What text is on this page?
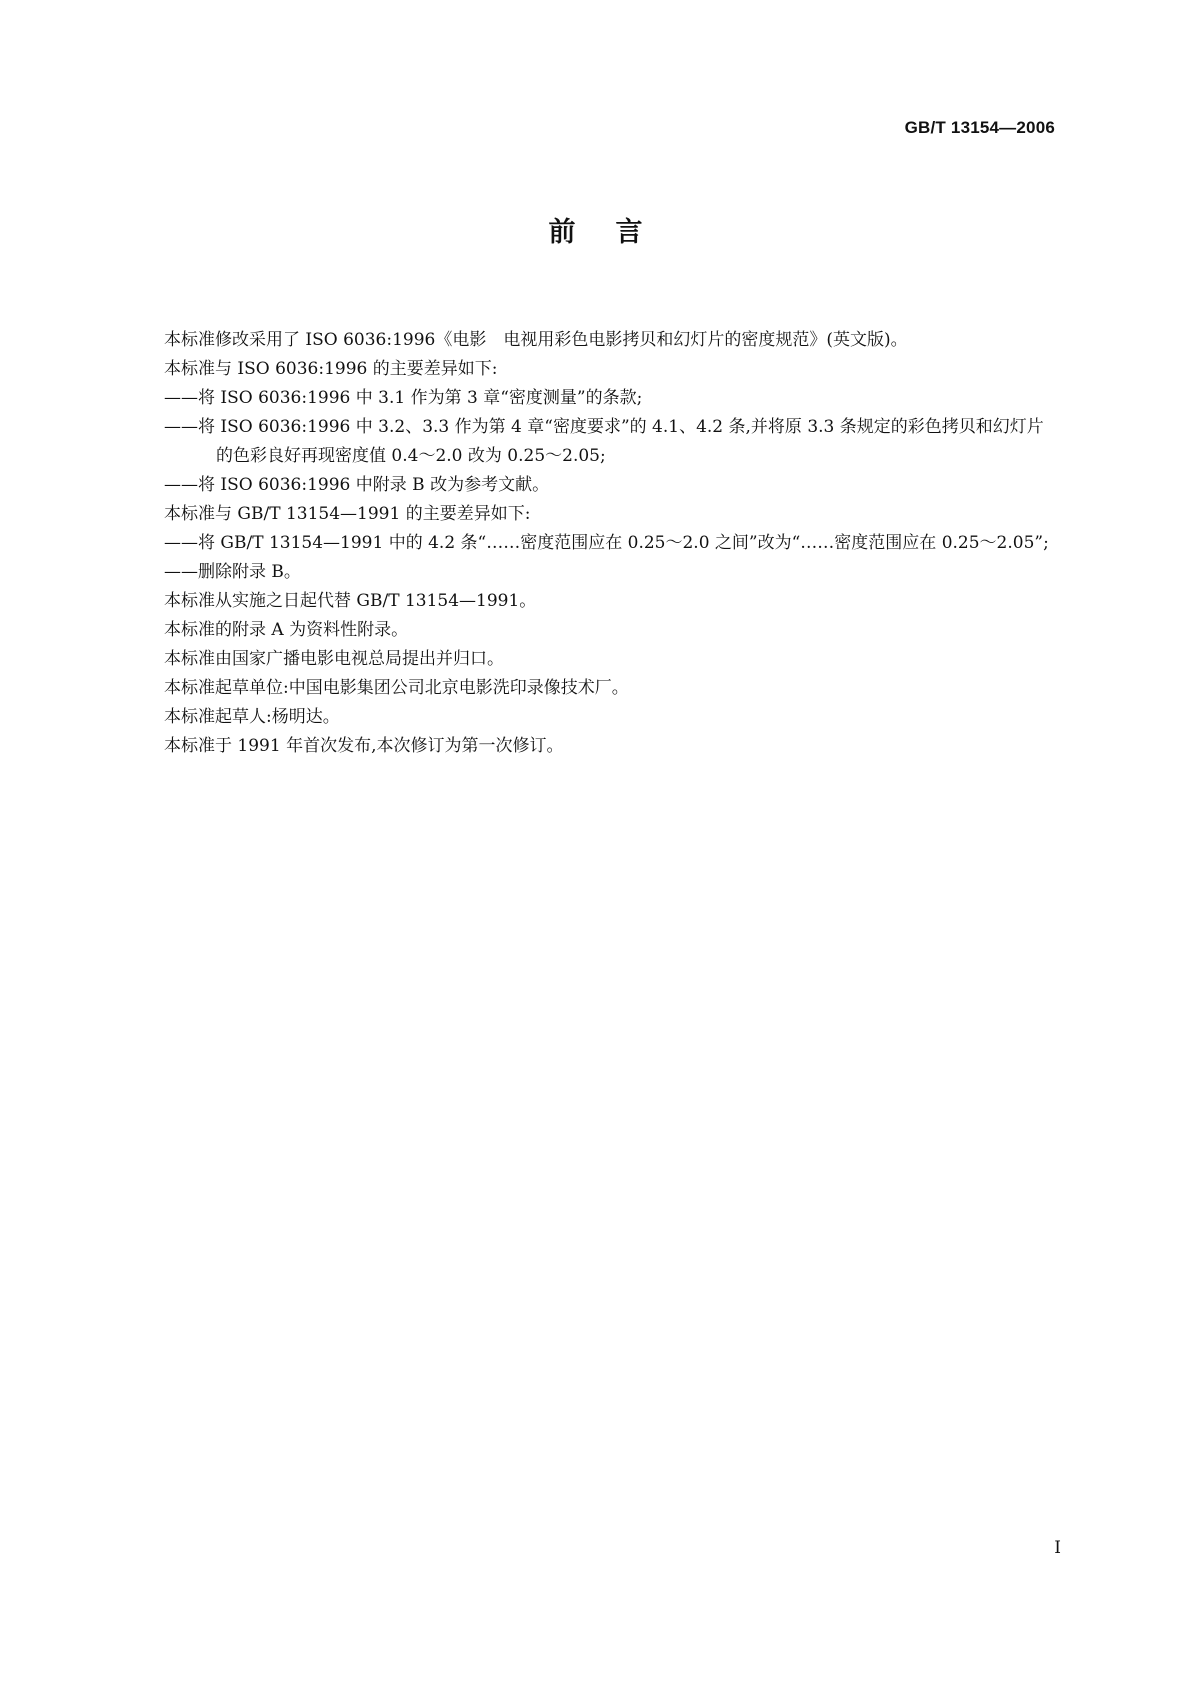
GB/T 13154—2006
前言

本标准修改采用了 ISO 6036:1996《电影　电视用彩色电影拷贝和幻灯片的密度规范》(英文版)。

本标准与 ISO 6036:1996 的主要差异如下:

——将 ISO 6036:1996 中 3.1 作为第 3 章“密度测量”的条款;

——将 ISO 6036:1996 中 3.2、3.3 作为第 4 章“密度要求”的 4.1、4.2 条,并将原 3.3 条规定的彩色拷贝和幻灯片的色彩良好再现密度值 0.4～2.0 改为 0.25～2.05;

——将 ISO 6036:1996 中附录 B 改为参考文献。

本标准与 GB/T 13154—1991 的主要差异如下:

——将 GB/T 13154—1991 中的 4.2 条“……密度范围应在 0.25～2.0 之间”改为“……密度范围应在 0.25～2.05”;

——删除附录 B。

本标准从实施之日起代替 GB/T 13154—1991。

本标准的附录 A 为资料性附录。

本标准由国家广播电影电视总局提出并归口。

本标准起草单位:中国电影集团公司北京电影洗印录像技术厂。

本标准起草人:杨明达。

本标准于 1991 年首次发布,本次修订为第一次修订。

I
